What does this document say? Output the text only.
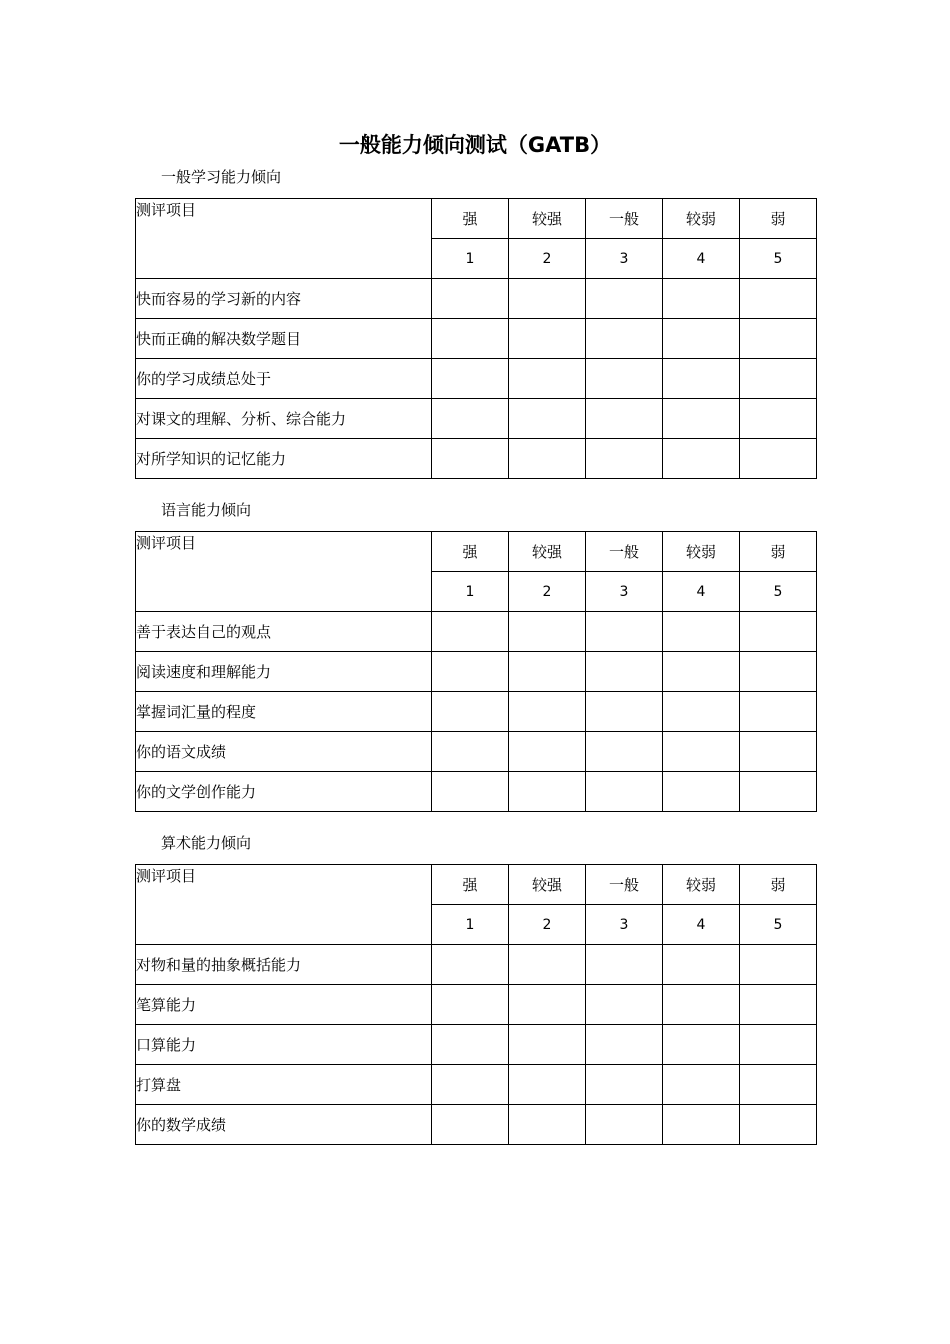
一般能力倾向测试（GATB）
一般学习能力倾向
测评项目	强	较强	一般	较弱	弱
	1	2	3	4	5
快而容易的学习新的内容					
快而正确的解决数学题目					
你的学习成绩总处于					
对课文的理解、分析、综合能力					
对所学知识的记忆能力					
语言能力倾向
测评项目	强	较强	一般	较弱	弱
	1	2	3	4	5
善于表达自己的观点					
阅读速度和理解能力					
掌握词汇量的程度					
你的语文成绩					
你的文学创作能力					
算术能力倾向
测评项目	强	较强	一般	较弱	弱
	1	2	3	4	5
对物和量的抽象概括能力					
笔算能力					
口算能力					
打算盘					
你的数学成绩					
